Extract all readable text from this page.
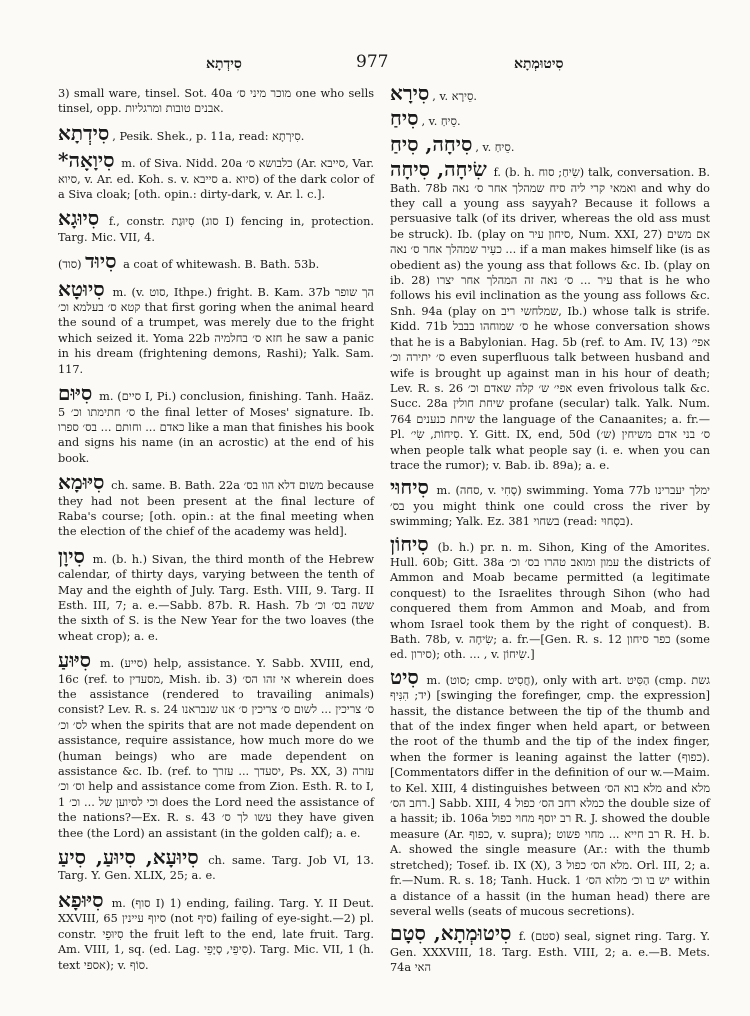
סִידְתָא	977	סִיטוּמְתָא

3) small ware, tinsel. Sot. 40a מוכר מיני ס׳ one who sells tinsel, opp. אבנים טובות ומרגליות.

סִידְתָא , Pesik. Shek., p. 11a, read: סִירְתָא.

*סִיוָאָה m. of Siva. Nidd. 20a כלבושא ס׳ (Ar. סייבא, Var. סיוא, v. Ar. ed. Koh. s. v. סייבא a. סיוא) of the dark color of a Siva cloak; [oth. opin.: dirty-dark, v. Ar. l. c.].

סִיוּגָא f., constr. סִיוּגַת (סוג I) fencing in, protection. Targ. Mic. VII, 4.

סִיוּד (סוד) a coat of whitewash. B. Bath. 53b.

סִיוּטָא m. (v. סוט, Ithpe.) fright. B. Kam. 37b הך שופר קטא ס׳ בעלמא וכ׳ that first goring when the animal heard the sound of a trumpet, was merely due to the fright which seized it. Yoma 22b חזא ס׳ בחלמיה he saw a panic in his dream (frightening demons, Rashi); Yalk. Sam. 117.

סִיּוּם m. (סיים I, Pi.) conclusion, finishing. Tanh. Haäz. 5 ס׳ חתימתו וכ׳ the final letter of Moses' signature. Ib. כאדם ... וחותם ... בס׳ ספרו like a man that finishes his book and signs his name (in an acrostic) at the end of his book.

סִיּוּמָא ch. same. B. Bath. 22a משום דלא הוו בס׳ because they had not been present at the final lecture of Raba's course; [oth. opin.: at the final meeting when the election of the chief of the academy was held].

סִיוָן m. (b. h.) Sivan, the third month of the Hebrew calendar, of thirty days, varying between the tenth of May and the eighth of July. Targ. Esth. VIII, 9. Targ. II Esth. III, 7; a. e.—Sabb. 87b. R. Hash. 7b ששה בס׳ וכ׳ the sixth of S. is the New Year for the two loaves (the wheat crop); a. e.

סִיּוּעַ m. (סייע) help, assistance. Y. Sabb. XVIII, end, 16c (ref. to מסעדין, Mish. ib. 3) אי זהו הס׳ wherein does the assistance (rendered to travailing animals) consist? Lev. R. s. 24 ס׳ צריכין ... לשום ס׳ צריכין ס׳ אנו שנבראנו לס׳ וכ׳ when the spirits that are not made dependent on assistance, require assistance, how much more do we (human beings) who are made dependent on assistance &c. Ib. (ref. to יסעדך ... עזרך, Ps. XX, 3) עזרה וס׳ וכ׳ help and assistance come from Zion. Esth. R. to I, 1 וכי לסיוען של ... וכ׳ does the Lord need the assistance of the nations?—Ex. R. s. 43 עשו לך ס׳ they have given thee (the Lord) an assistant (in the golden calf); a. e.

סִיוּעָא, סִיוּעַ, סִיעַ ch. same. Targ. Job VI, 13. Targ. Y. Gen. XLIX, 25; a. e.

סִיּוּפָא m. (סוף I) 1) ending, failing. Targ. Y. II Deut. XXVIII, 65 סיוף עיינין (not סיף) failing of eye-sight.—2) pl. constr. סִיוּפֵי the fruit left to the end, late fruit. Targ. Am. VIII, 1, sq. (ed. Lag. סִיפֵי, סְיָפֵי). Targ. Mic. VII, 1 (h. text אספי); v. סוֹף.

סִירָא , v. סֵירָא.

סִיחַ , v. סֵיחַ.

סִיחָה, סִיחַ , v. סֵיחַ.

שִׂיחָה, סִיחָה f. (b. h. שִׂיחַ; סוח) talk, conversation. B. Bath. 78b ואמאי קרי ליה סיח שמהלך אחר ס׳ נאה and why do they call a young ass sayyah? Because it follows a persuasive talk (of its driver, whereas the old ass must be struck). Ib. (play on סיחון עיר, Num. XXI, 27) אם משים ... כעֵיר שמהלך אחר ס׳ נאה if a man makes himself like (is as obedient as) the young ass that follows &c. Ib. (play on ib. 28) עיר ... ס׳ נאה זה המהלך אחר יצרו that is he who follows his evil inclination as the young ass follows &c. Snh. 94a (play on שמלחשי ריב, Ib.) whose talk is strife. Kidd. 71b ס׳ שמוחהו בבבל he whose conversation shows that he is a Babylonian. Hag. 5b (ref. to Am. IV, 13) אפי׳ ס׳ יתירה וכ׳ even superfluous talk between husband and wife is brought up against man in his hour of death; Lev. R. s. 26 אפי׳ ש׳ קלה שאדם וכ׳ even frivolous talk &c. Succ. 28a שיחת חולין profane (secular) talk. Yalk. Num. 764 שיחת כנענים the language of the Canaanites; a. fr.—Pl. סִיחוֹת, שִׂי׳. Y. Gitt. IX, end, 50d (ש׳) ס׳ בני אדם משיחין when people talk what people say (i. e. when you can trace the rumor); v. Bab. ib. 89a); a. e.

סִיחוּי m. (סחה, v. סְחִי) swimming. Yoma 77b ימלך יעברינו בס׳ you might think one could cross the river by swimming; Yalk. Ez. 381 בשחוי (read: בסְחוּי).

סִיחוֹן (b. h.) pr. n. m. Sihon, King of the Amorites. Hull. 60b; Gitt. 38a עמון ומואב טהרו בס׳ וכ׳ the districts of Ammon and Moab became permitted (a legitimate conquest) to the Israelites through Sihon (who had conquered them from Ammon and Moab, and from whom Israel took them by the right of conquest). B. Bath. 78b, v. שִׂיחָה; a. fr.—[Gen. R. s. 12 כפר סיחון (some ed. סירון); oth. ... , v. שִׂיחוֹן.]

סִיט m. (סוט; cmp. חֲסִיט), only with art. הַסִּיט (cmp. גשת יד; הִנִּיף) [swinging the forefinger, cmp. the expression] hassit, the distance between the tip of the thumb and that of the index finger when held apart, or between the root of the thumb and the tip of the index finger, when the former is leaning against the latter (כפוף). [Commentators differ in the definition of our w.—Maim. to Kel. XIII, 4 distinguishes between מלא בוא הס׳ and מלא רחב הס׳.] Sabb. XIII, 4 כמלא רחב הס׳ כפול the double size of a hassit; ib. 106a רב יוסף מחוי כפול R. J. showed the double measure (Ar. כפוף, v. supra); רב חייא ... מחוי פשוט R. H. b. A. showed the single measure (Ar.: with the thumb stretched); Tosef. ib. IX (X), 3 מלא הס׳ כפול. Orl. III, 2; a. fr.—Num. R. s. 18; Tanh. Huck. 1 יש בו וכ׳ מלוא הס׳ within a distance of a hassit (in the human head) there are several wells (seats of mucous secretions).

סִיטוּמְתָא, סִטָם f. (סטם) seal, signet ring. Targ. Y. Gen. XXXVIII, 18. Targ. Esth. VIII, 2; a. e.—B. Mets. 74a האי
